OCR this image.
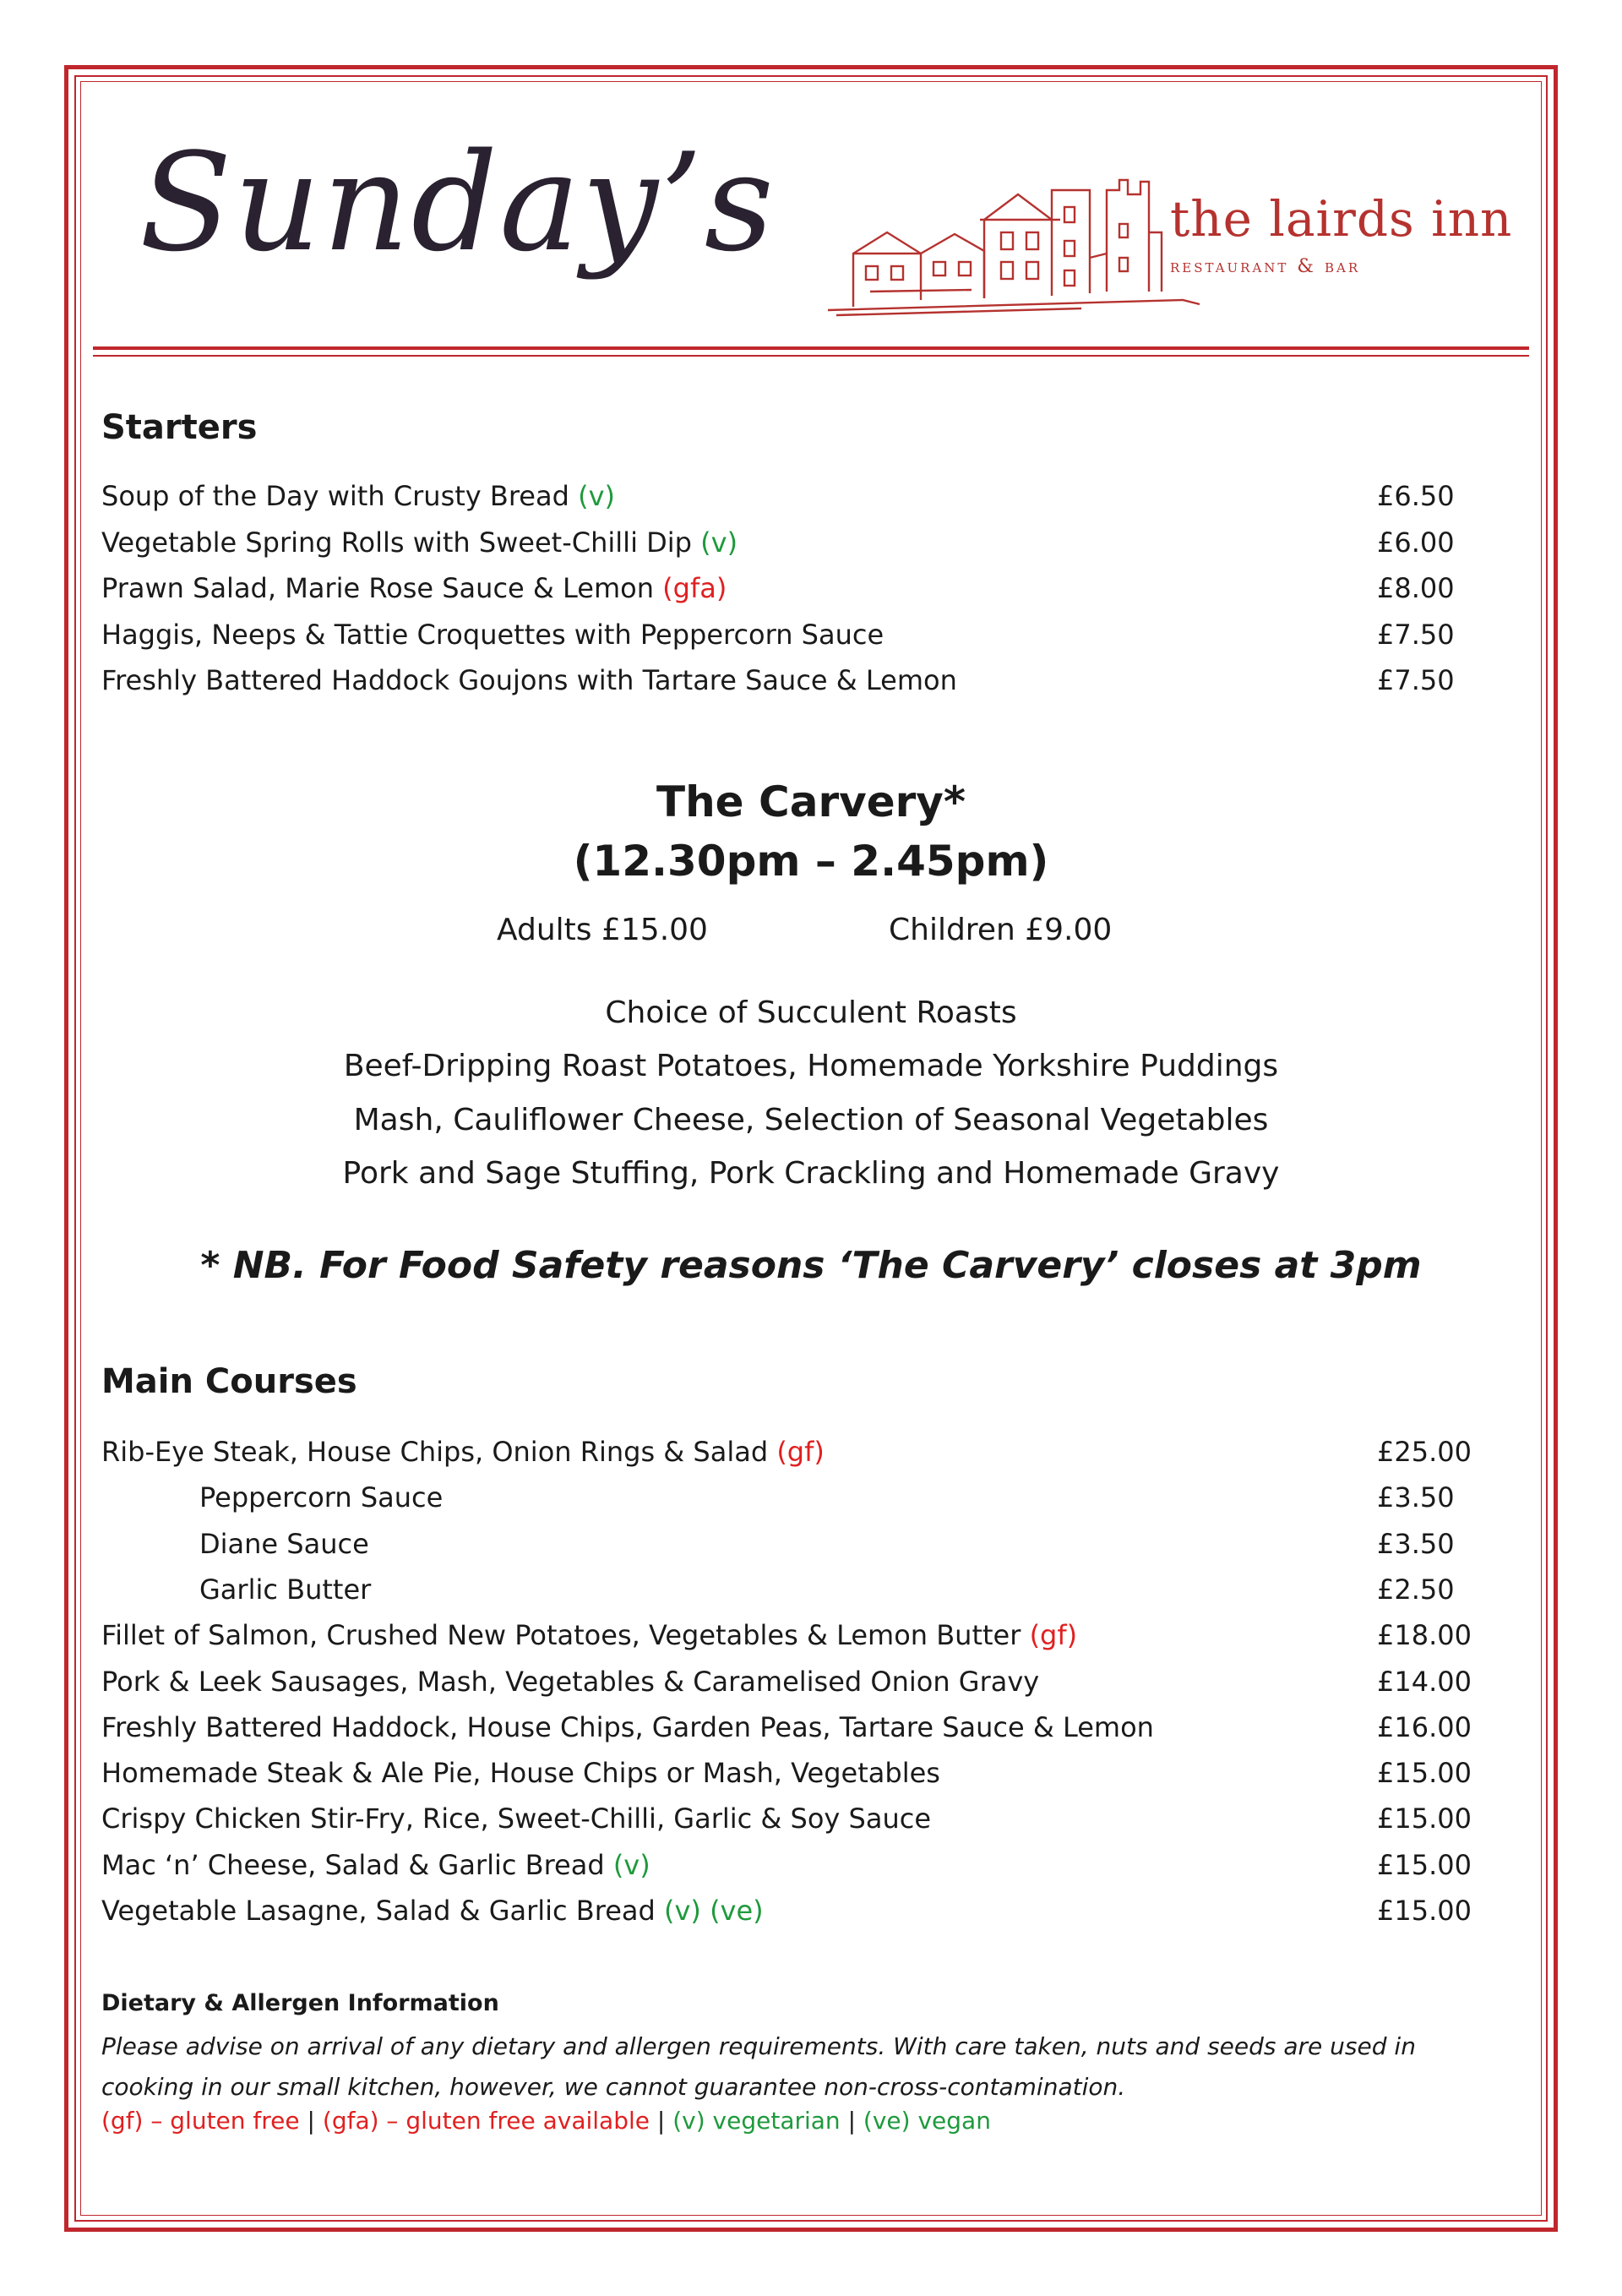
Sunday’s	the lairds inn
restaurant & bar
Starters
Soup of the Day with Crusty Bread (v)	£6.50
Vegetable Spring Rolls with Sweet-Chilli Dip (v)	£6.00
Prawn Salad, Marie Rose Sauce & Lemon (gfa)	£8.00
Haggis, Neeps & Tattie Croquettes with Peppercorn Sauce	£7.50
Freshly Battered Haddock Goujons with Tartare Sauce & Lemon	£7.50
The Carvery*
(12.30pm – 2.45pm)
Adults £15.00	Children £9.00
Choice of Succulent Roasts
Beef-Dripping Roast Potatoes, Homemade Yorkshire Puddings
Mash, Cauliflower Cheese, Selection of Seasonal Vegetables
Pork and Sage Stuffing, Pork Crackling and Homemade Gravy
* NB. For Food Safety reasons ‘The Carvery’ closes at 3pm
Main Courses
Rib-Eye Steak, House Chips, Onion Rings & Salad (gf)	£25.00
Peppercorn Sauce	£3.50
Diane Sauce	£3.50
Garlic Butter	£2.50
Fillet of Salmon, Crushed New Potatoes, Vegetables & Lemon Butter (gf)	£18.00
Pork & Leek Sausages, Mash, Vegetables & Caramelised Onion Gravy	£14.00
Freshly Battered Haddock, House Chips, Garden Peas, Tartare Sauce & Lemon	£16.00
Homemade Steak & Ale Pie, House Chips or Mash, Vegetables	£15.00
Crispy Chicken Stir-Fry, Rice, Sweet-Chilli, Garlic & Soy Sauce	£15.00
Mac ‘n’ Cheese, Salad & Garlic Bread (v)	£15.00
Vegetable Lasagne, Salad & Garlic Bread (v) (ve)	£15.00
Dietary & Allergen Information
Please advise on arrival of any dietary and allergen requirements. With care taken, nuts and seeds are used in cooking in our small kitchen, however, we cannot guarantee non-cross-contamination.
(gf) – gluten free | (gfa) – gluten free available | (v) vegetarian | (ve) vegan
